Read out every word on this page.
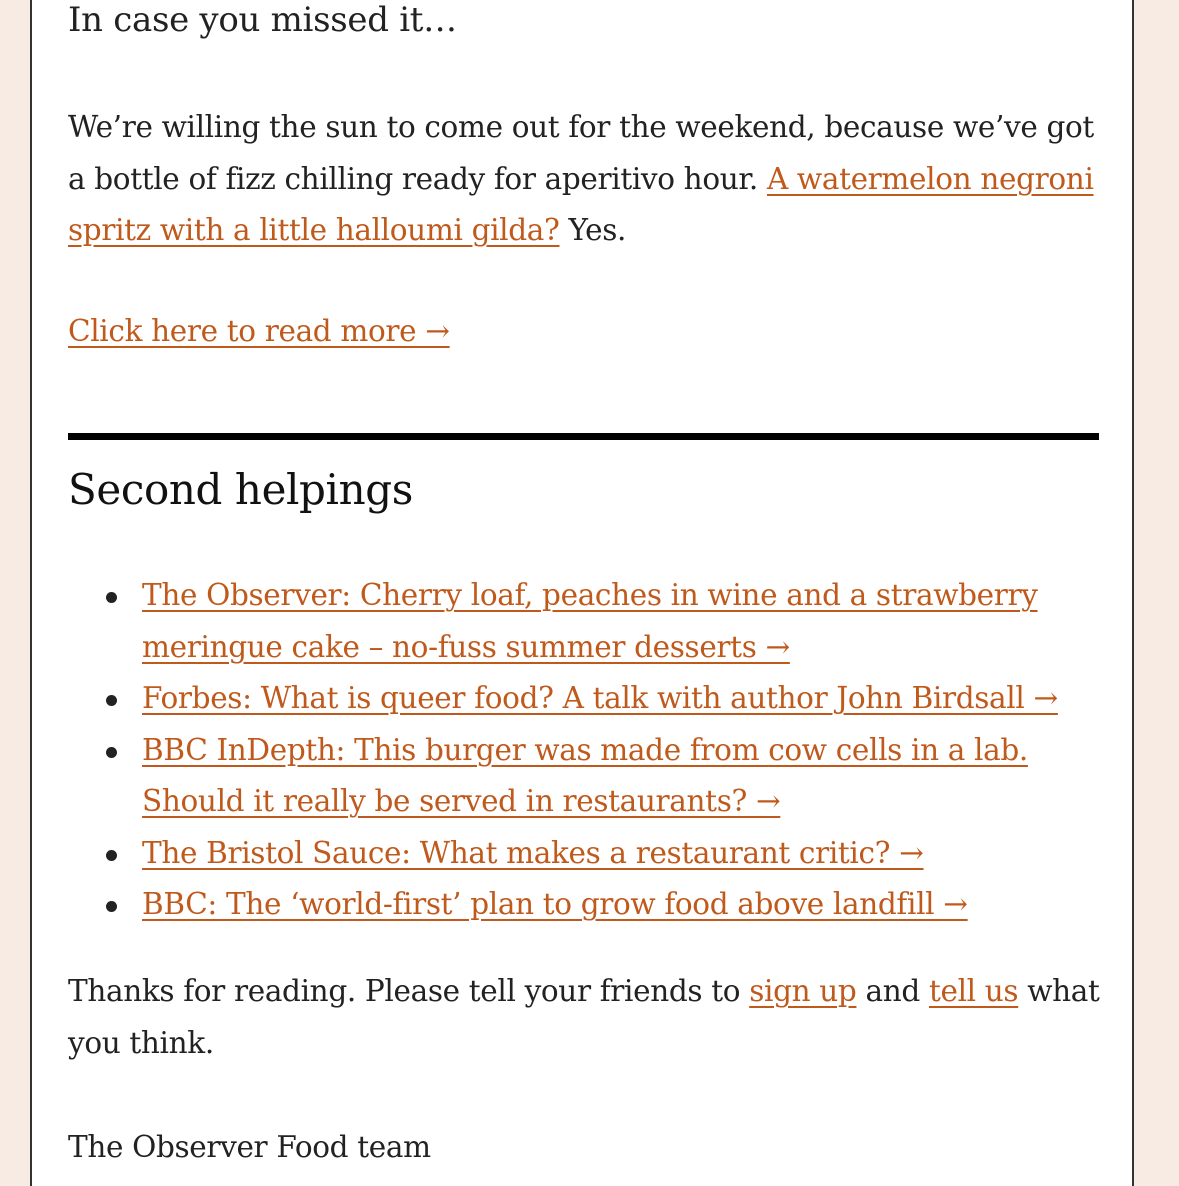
In case you missed it…

We’re willing the sun to come out for the weekend, because we’ve got a bottle of fizz chilling ready for aperitivo hour. A watermelon negroni spritz with a little halloumi gilda? Yes.

Click here to read more →

Second helpings
The Observer: Cherry loaf, peaches in wine and a strawberry meringue cake – no-fuss summer desserts →
Forbes: What is queer food? A talk with author John Birdsall →
BBC InDepth: This burger was made from cow cells in a lab. Should it really be served in restaurants? →
The Bristol Sauce: What makes a restaurant critic? →
BBC: The ‘world-first’ plan to grow food above landfill →

Thanks for reading. Please tell your friends to sign up and tell us what you think.

The Observer Food team
